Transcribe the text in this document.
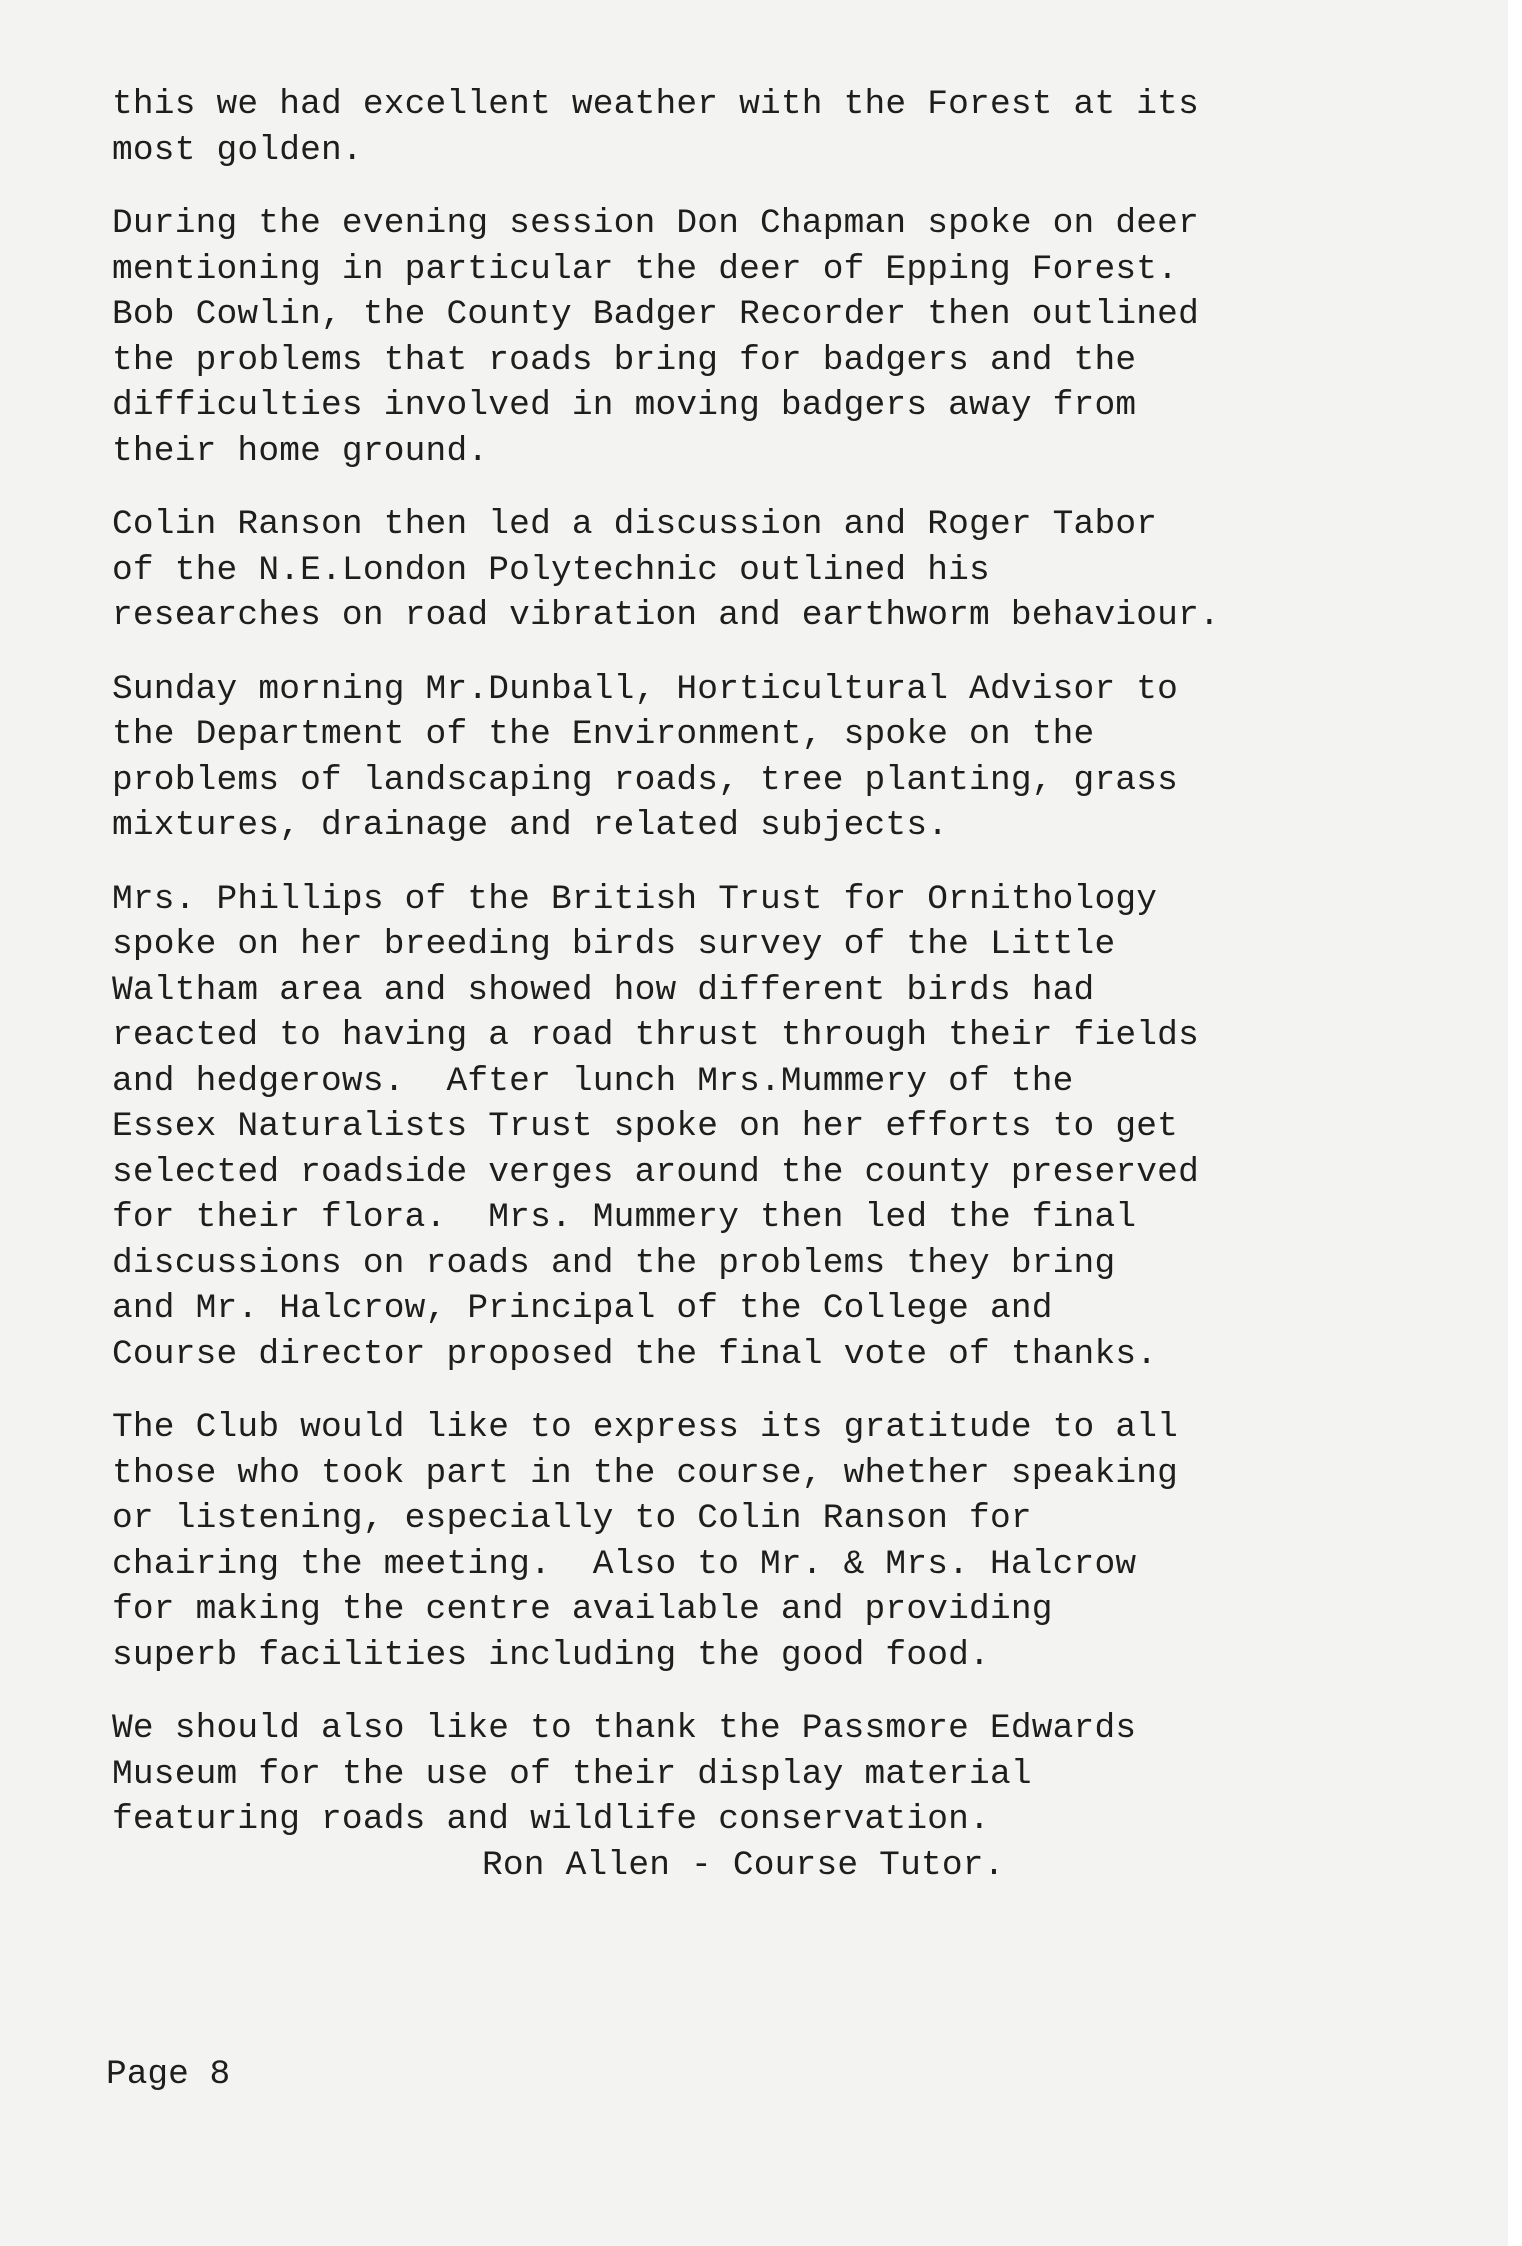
this we had excellent weather with the Forest at its
most golden.
During the evening session Don Chapman spoke on deer
mentioning in particular the deer of Epping Forest.
Bob Cowlin, the County Badger Recorder then outlined
the problems that roads bring for badgers and the
difficulties involved in moving badgers away from
their home ground.
Colin Ranson then led a discussion and Roger Tabor
of the N.E.London Polytechnic outlined his
researches on road vibration and earthworm behaviour.
Sunday morning Mr.Dunball, Horticultural Advisor to
the Department of the Environment, spoke on the
problems of landscaping roads, tree planting, grass
mixtures, drainage and related subjects.
Mrs. Phillips of the British Trust for Ornithology
spoke on her breeding birds survey of the Little
Waltham area and showed how different birds had
reacted to having a road thrust through their fields
and hedgerows.  After lunch Mrs.Mummery of the
Essex Naturalists Trust spoke on her efforts to get
selected roadside verges around the county preserved
for their flora.  Mrs. Mummery then led the final
discussions on roads and the problems they bring
and Mr. Halcrow, Principal of the College and
Course director proposed the final vote of thanks.
The Club would like to express its gratitude to all
those who took part in the course, whether speaking
or listening, especially to Colin Ranson for
chairing the meeting.  Also to Mr. & Mrs. Halcrow
for making the centre available and providing
superb facilities including the good food.
We should also like to thank the Passmore Edwards
Museum for the use of their display material
featuring roads and wildlife conservation.
Ron Allen - Course Tutor.
Page 8
